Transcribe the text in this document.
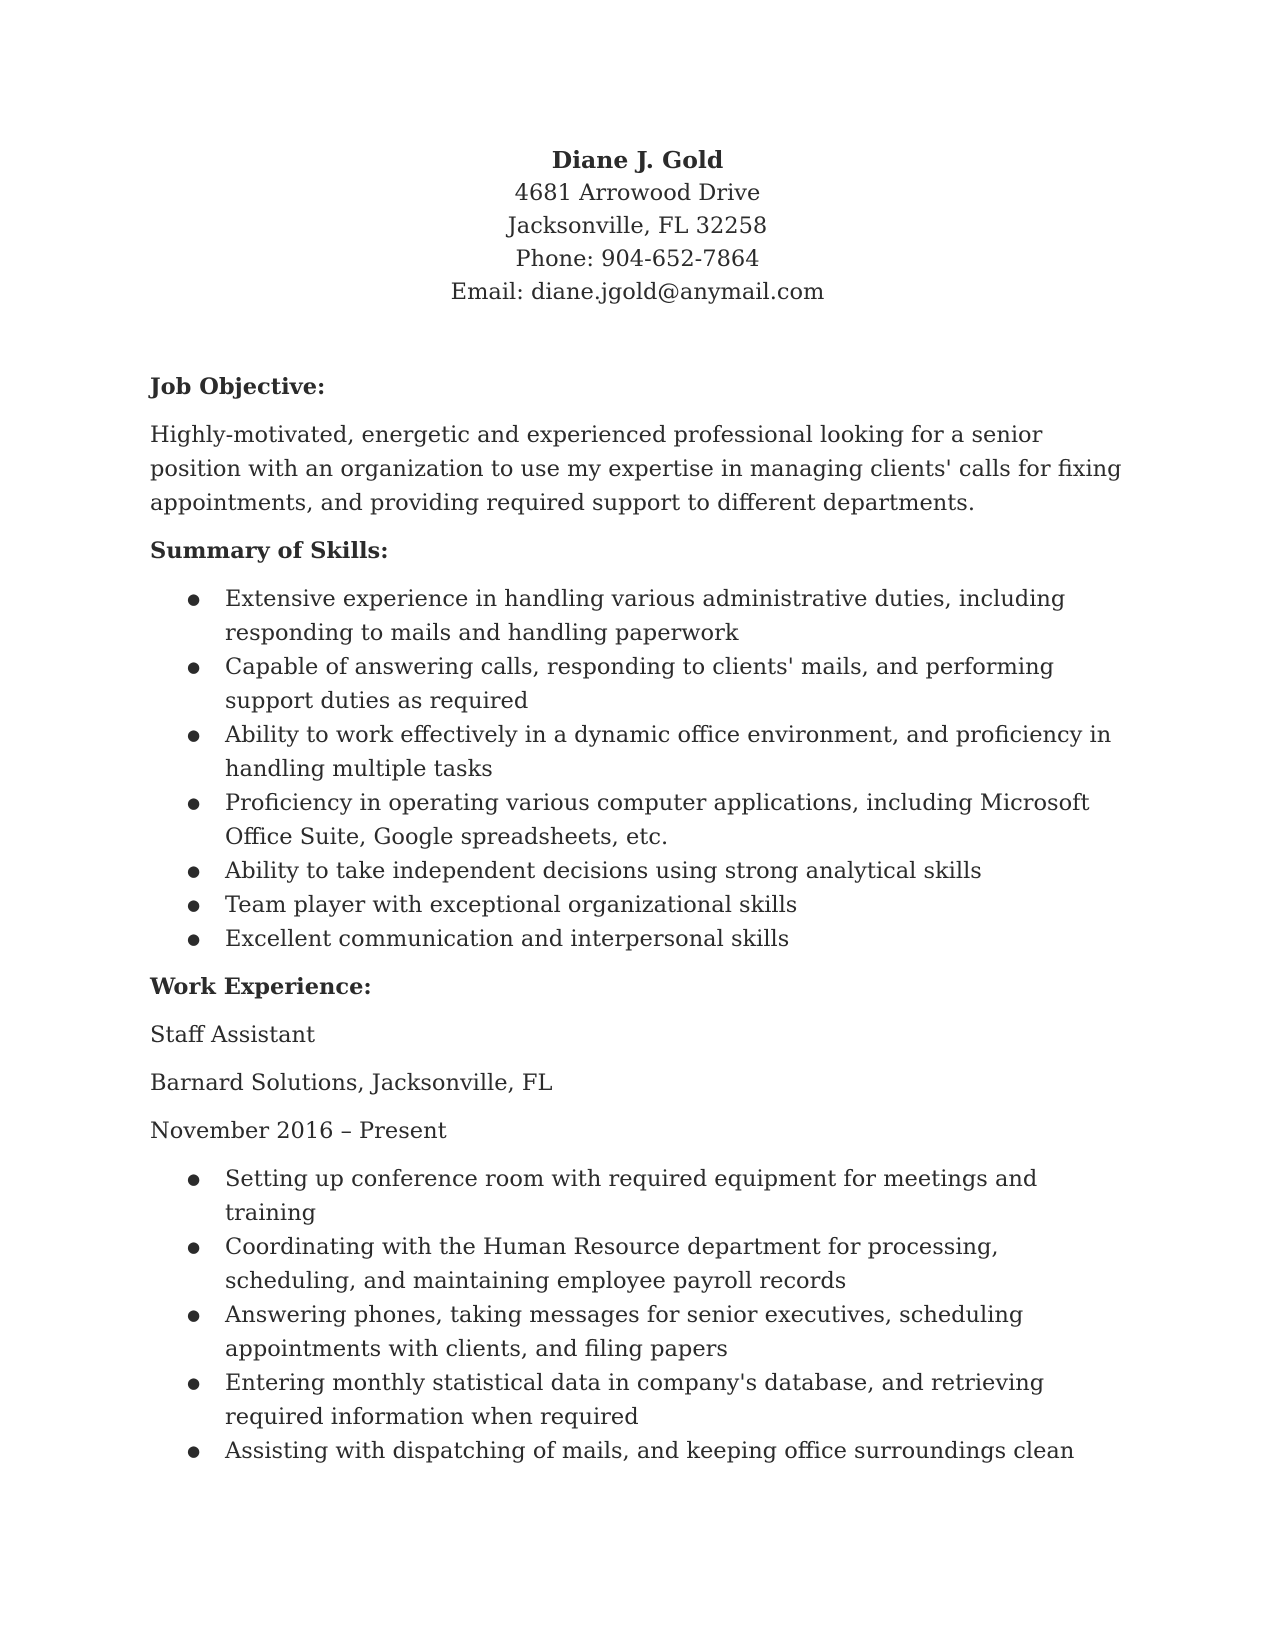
Diane J. Gold
4681 Arrowood Drive
Jacksonville, FL 32258
Phone: 904-652-7864
Email: diane.jgold@anymail.com

Job Objective:

Highly-motivated, energetic and experienced professional looking for a senior position with an organization to use my expertise in managing clients' calls for fixing appointments, and providing required support to different departments.

Summary of Skills:

● Extensive experience in handling various administrative duties, including responding to mails and handling paperwork
● Capable of answering calls, responding to clients' mails, and performing support duties as required
● Ability to work effectively in a dynamic office environment, and proficiency in handling multiple tasks
● Proficiency in operating various computer applications, including Microsoft Office Suite, Google spreadsheets, etc.
● Ability to take independent decisions using strong analytical skills
● Team player with exceptional organizational skills
● Excellent communication and interpersonal skills

Work Experience:

Staff Assistant

Barnard Solutions, Jacksonville, FL

November 2016 – Present

● Setting up conference room with required equipment for meetings and training
● Coordinating with the Human Resource department for processing, scheduling, and maintaining employee payroll records
● Answering phones, taking messages for senior executives, scheduling appointments with clients, and filing papers
● Entering monthly statistical data in company's database, and retrieving required information when required
● Assisting with dispatching of mails, and keeping office surroundings clean
